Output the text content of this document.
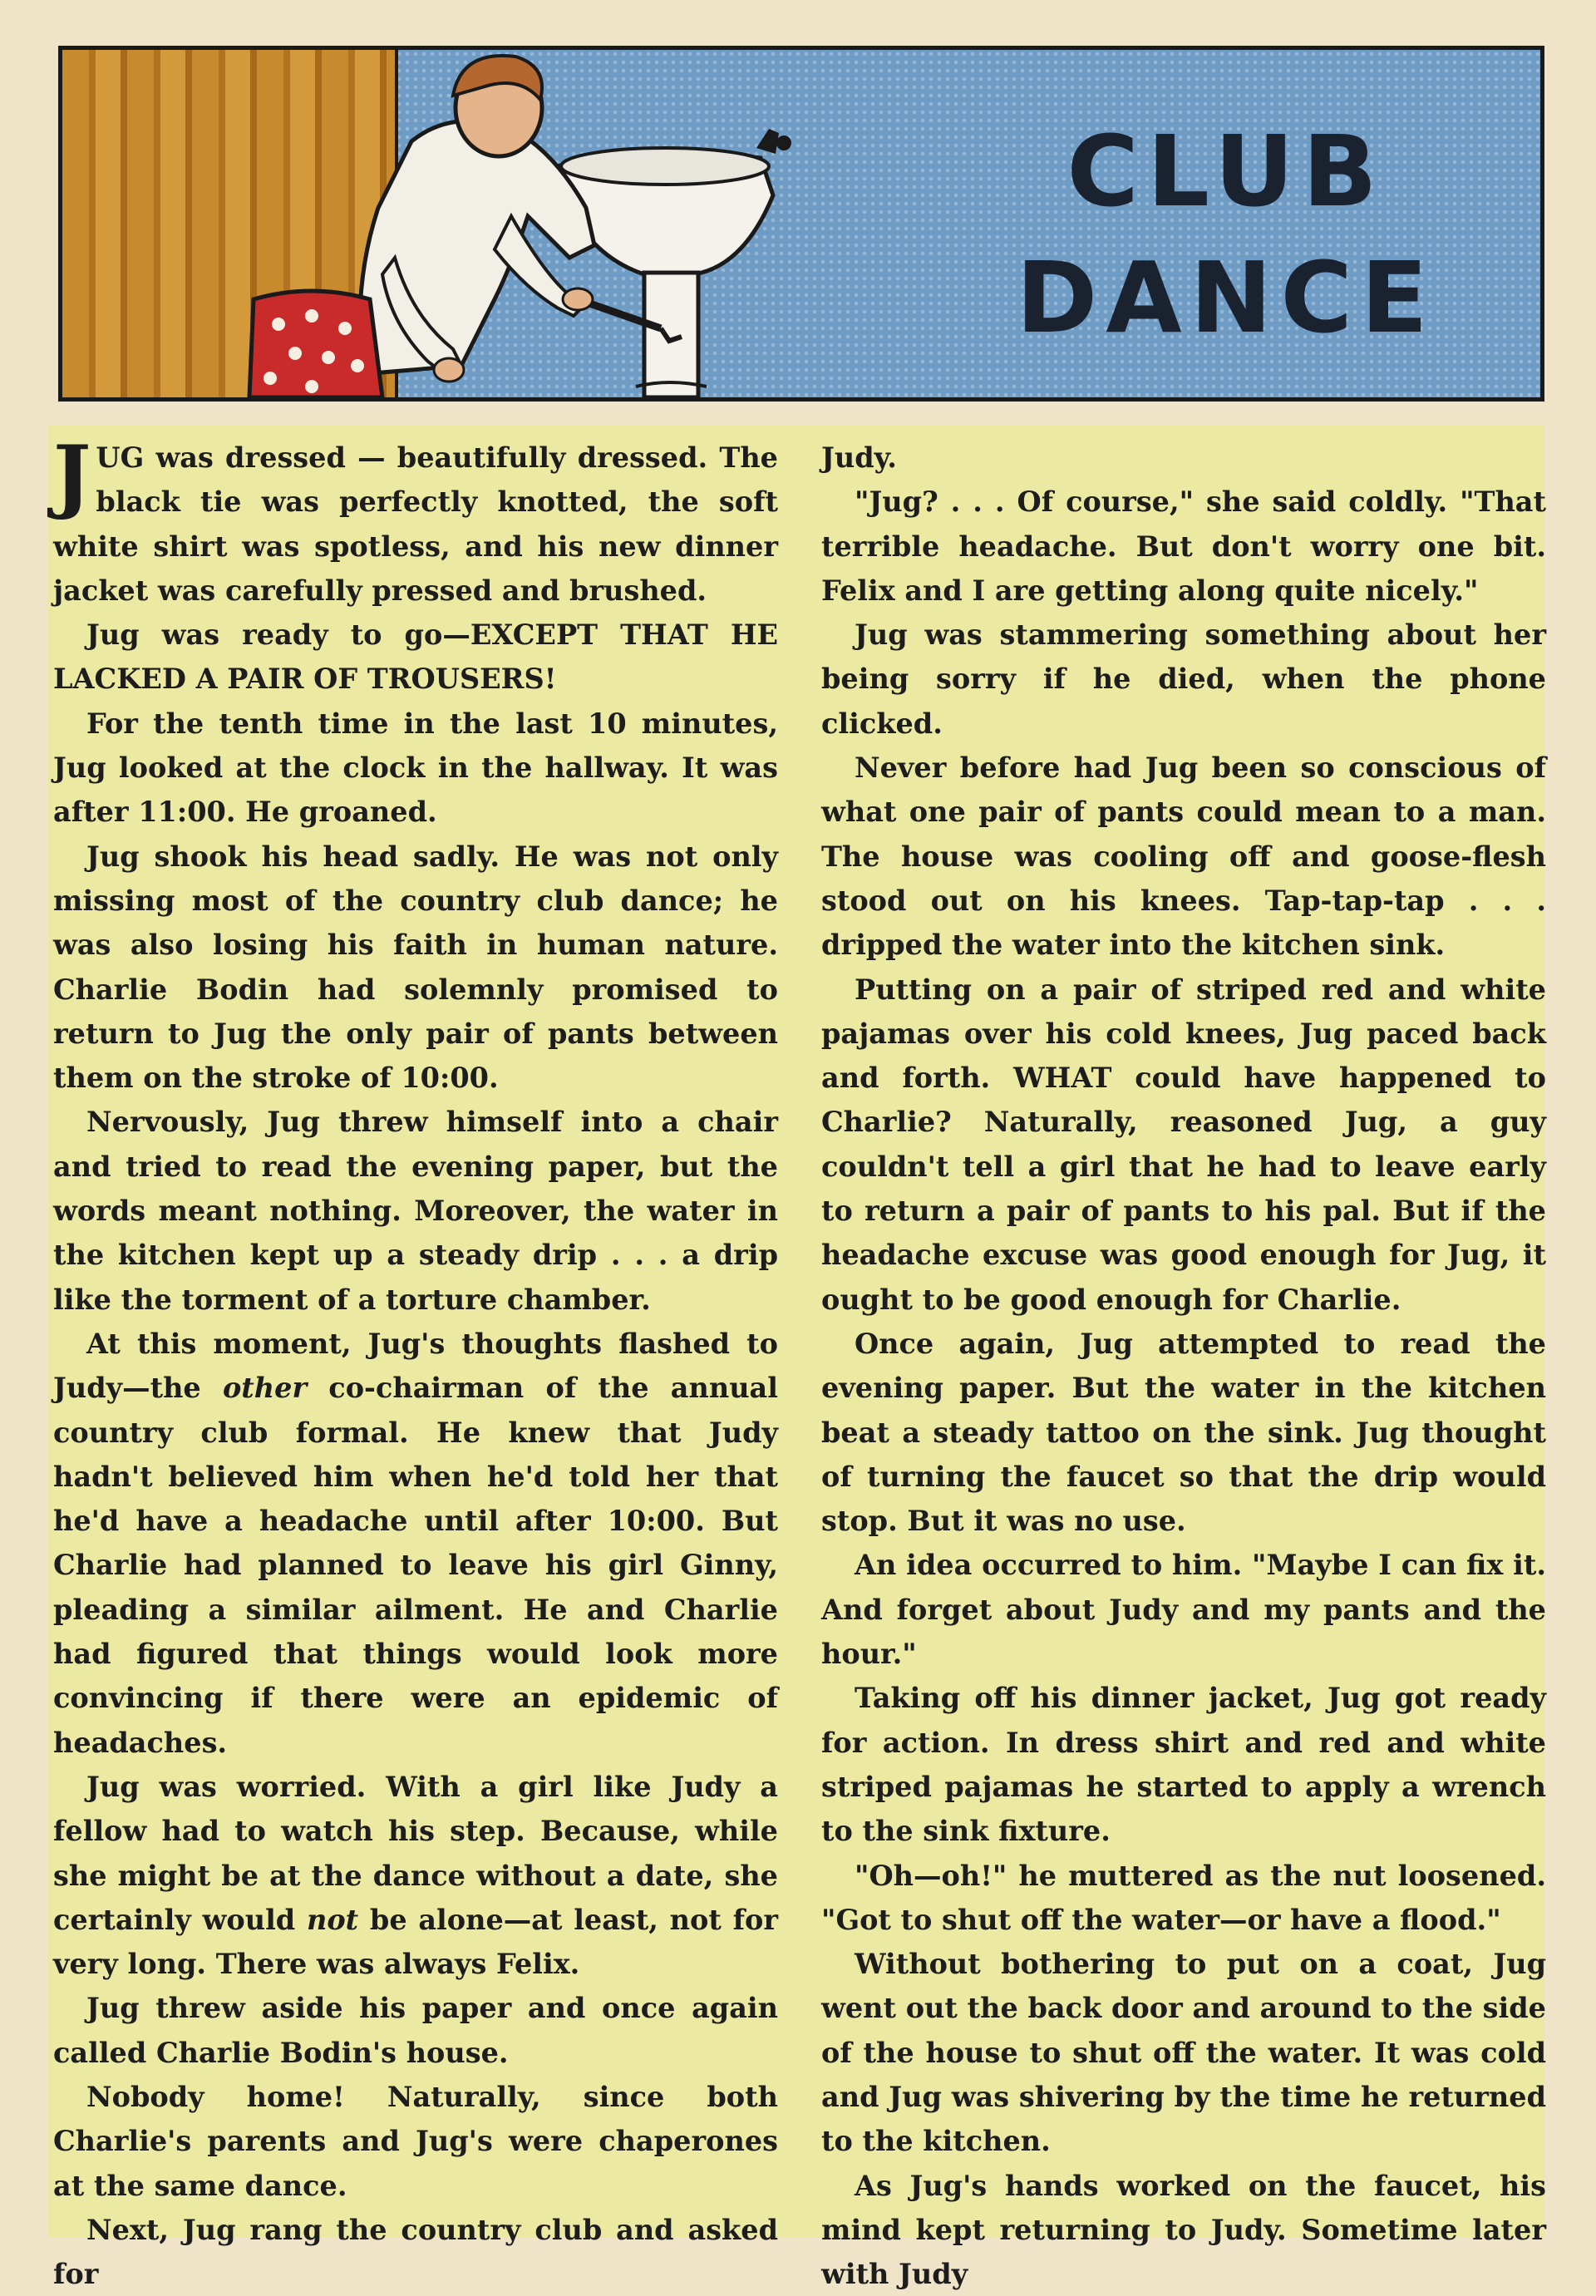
CLUB
DANCE

JUG was dressed — beautifully dressed. The black tie was perfectly knotted, the soft white shirt was spotless, and his new dinner jacket was carefully pressed and brushed.

Jug was ready to go—EXCEPT THAT HE LACKED A PAIR OF TROUSERS!

For the tenth time in the last 10 minutes, Jug looked at the clock in the hallway. It was after 11:00. He groaned.

Jug shook his head sadly. He was not only missing most of the country club dance; he was also losing his faith in human nature. Charlie Bodin had solemnly promised to return to Jug the only pair of pants between them on the stroke of 10:00.

Nervously, Jug threw himself into a chair and tried to read the evening paper, but the words meant nothing. Moreover, the water in the kitchen kept up a steady drip . . . a drip like the torment of a torture chamber.

At this moment, Jug's thoughts flashed to Judy—the other co-chairman of the annual country club formal. He knew that Judy hadn't believed him when he'd told her that he'd have a headache until after 10:00. But Charlie had planned to leave his girl Ginny, pleading a similar ailment. He and Charlie had figured that things would look more convincing if there were an epidemic of headaches.

Jug was worried. With a girl like Judy a fellow had to watch his step. Because, while she might be at the dance without a date, she certainly would not be alone—at least, not for very long. There was always Felix.

Jug threw aside his paper and once again called Charlie Bodin's house.

Nobody home! Naturally, since both Charlie's parents and Jug's were chaperones at the same dance.

Next, Jug rang the country club and asked for

Judy.

"Jug? . . . Of course," she said coldly. "That terrible headache. But don't worry one bit. Felix and I are getting along quite nicely."

Jug was stammering something about her being sorry if he died, when the phone clicked.

Never before had Jug been so conscious of what one pair of pants could mean to a man. The house was cooling off and goose-flesh stood out on his knees. Tap-tap-tap . . . dripped the water into the kitchen sink.

Putting on a pair of striped red and white pajamas over his cold knees, Jug paced back and forth. WHAT could have happened to Charlie? Naturally, reasoned Jug, a guy couldn't tell a girl that he had to leave early to return a pair of pants to his pal. But if the headache excuse was good enough for Jug, it ought to be good enough for Charlie.

Once again, Jug attempted to read the evening paper. But the water in the kitchen beat a steady tattoo on the sink. Jug thought of turning the faucet so that the drip would stop. But it was no use.

An idea occurred to him. "Maybe I can fix it. And forget about Judy and my pants and the hour."

Taking off his dinner jacket, Jug got ready for action. In dress shirt and red and white striped pajamas he started to apply a wrench to the sink fixture.

"Oh—oh!" he muttered as the nut loosened. "Got to shut off the water—or have a flood."

Without bothering to put on a coat, Jug went out the back door and around to the side of the house to shut off the water. It was cold and Jug was shivering by the time he returned to the kitchen.

As Jug's hands worked on the faucet, his mind kept returning to Judy. Sometime later with Judy
